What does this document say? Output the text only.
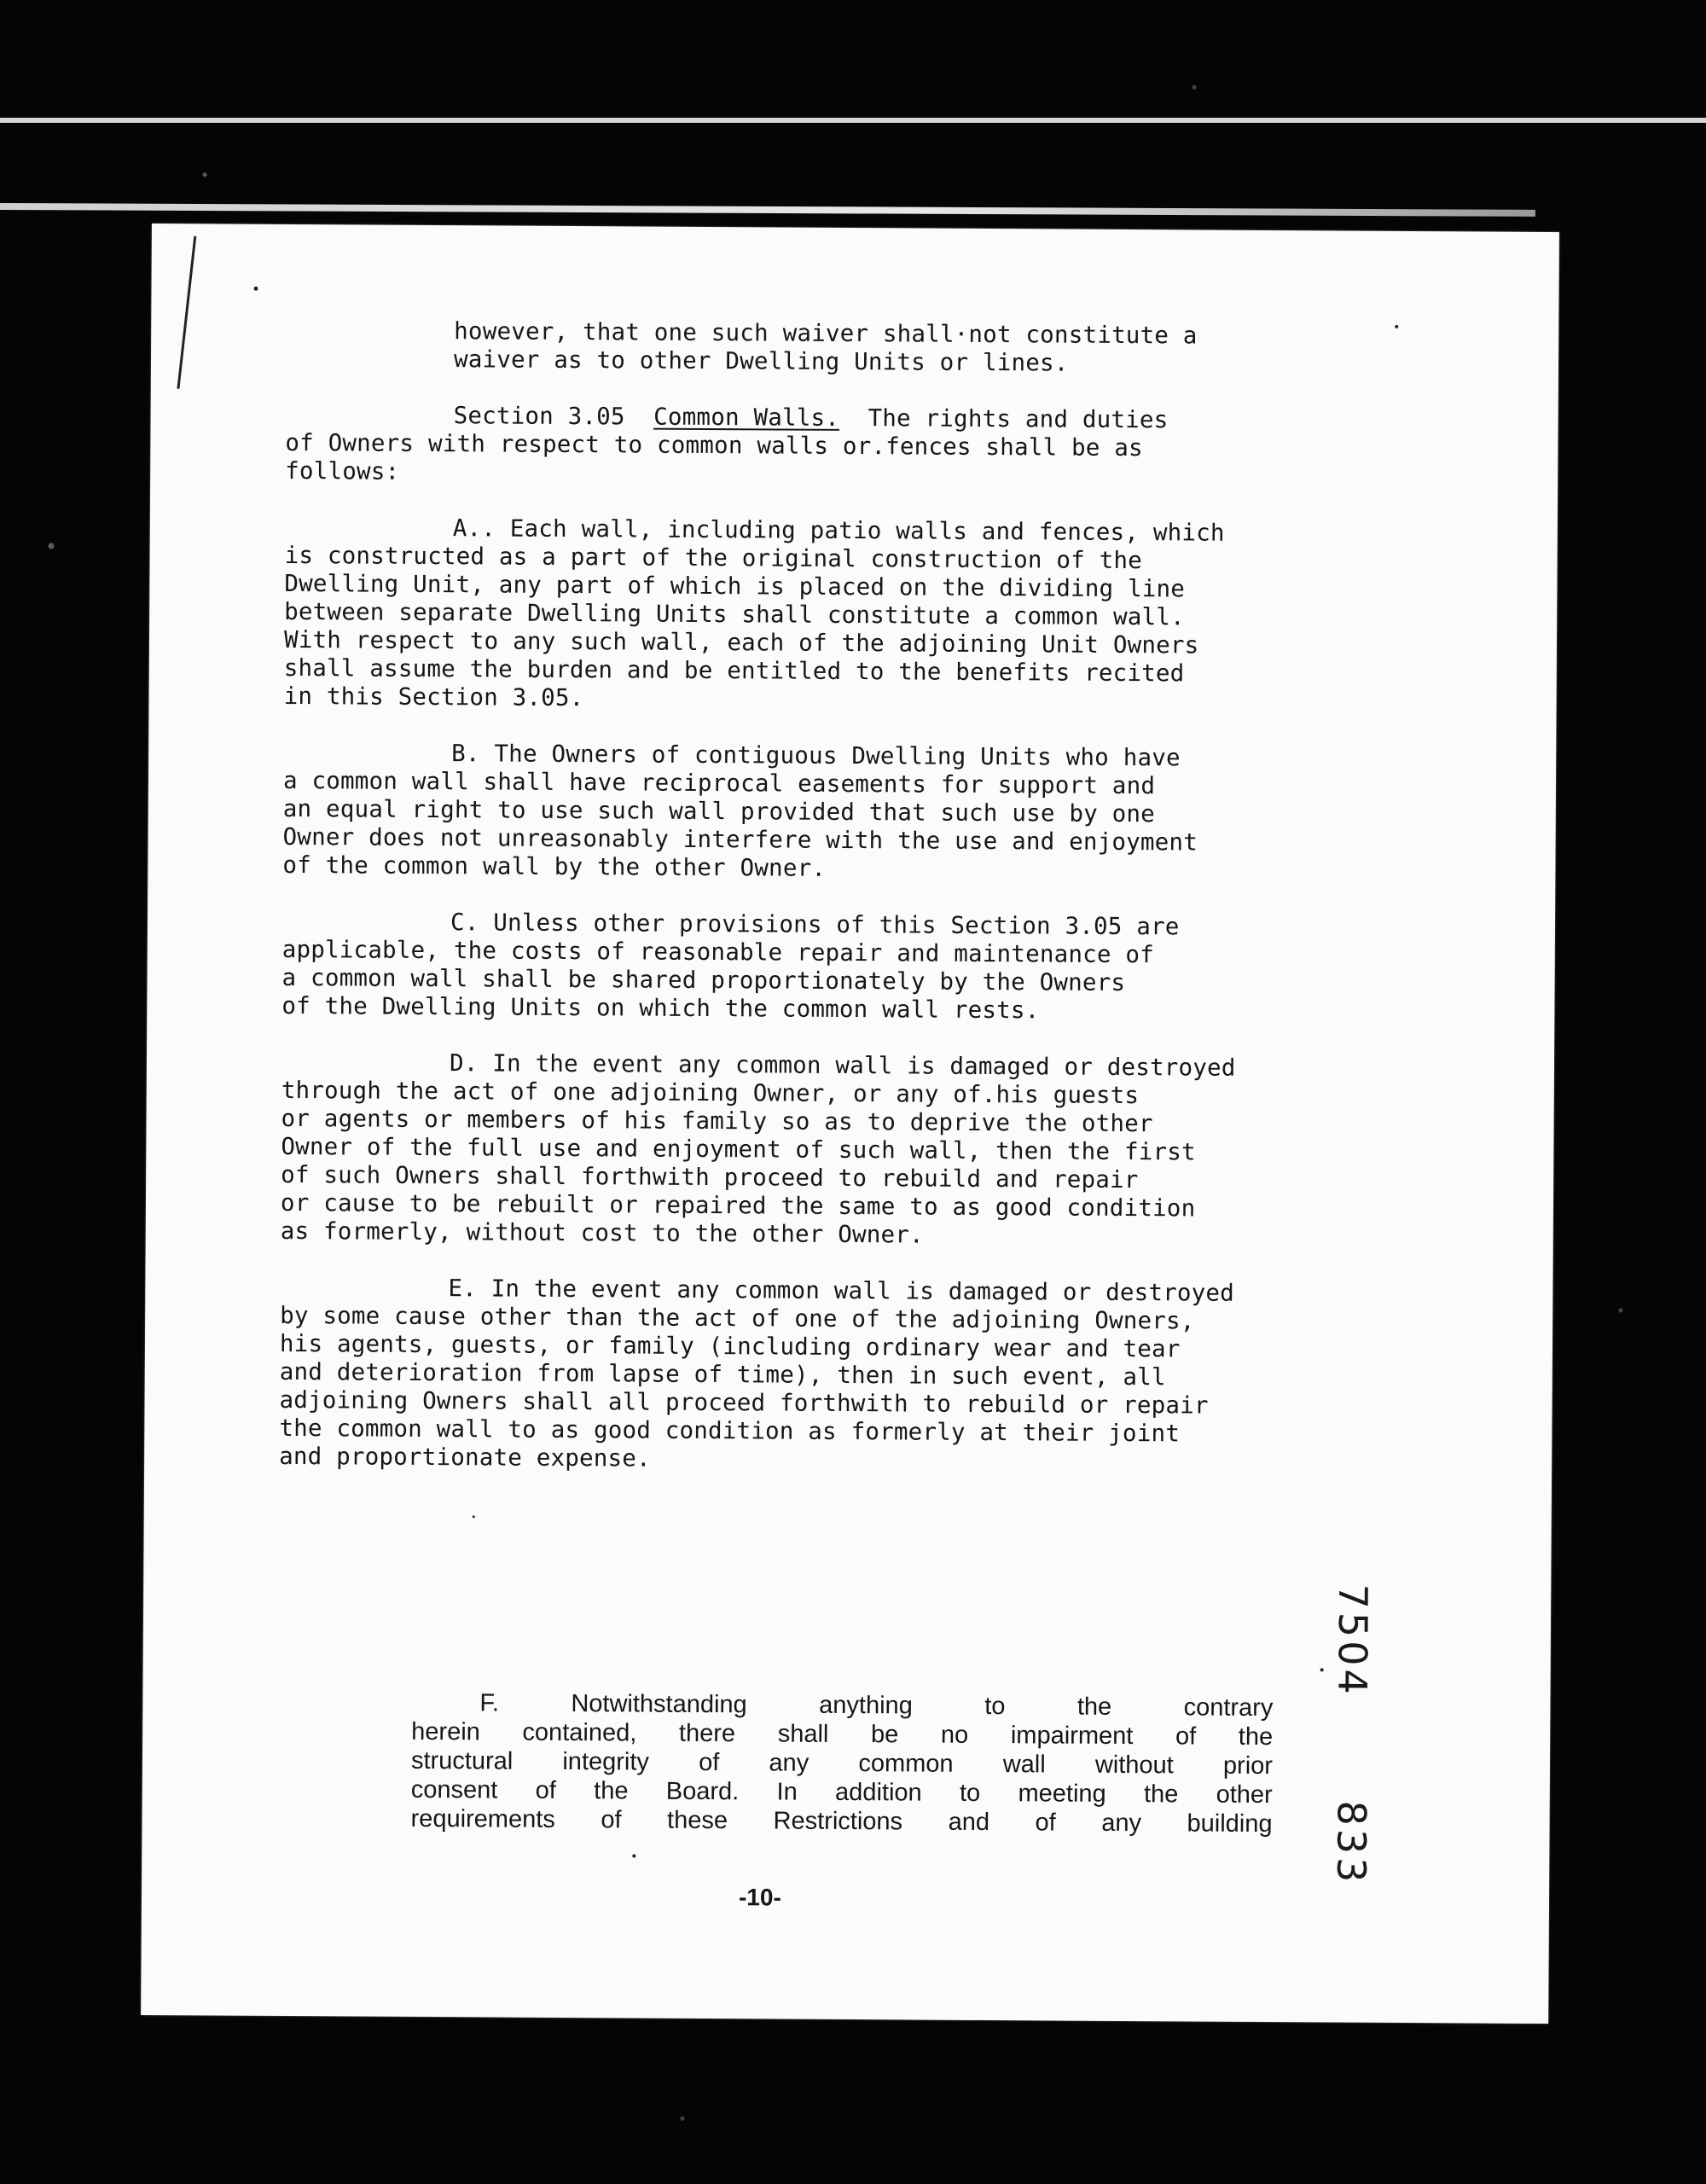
however, that one such waiver shall·not constitute a
waiver as to other Dwelling Units or lines.
Section 3.05 Common Walls. The rights and duties
of Owners with respect to common walls or.fences shall be as
follows:
A.. Each wall, including patio walls and fences, which
is constructed as a part of the original construction of the
Dwelling Unit, any part of which is placed on the dividing line
between separate Dwelling Units shall constitute a common wall.
With respect to any such wall, each of the adjoining Unit Owners
shall assume the burden and be entitled to the benefits recited
in this Section 3.05.
B. The Owners of contiguous Dwelling Units who have
a common wall shall have reciprocal easements for support and
an equal right to use such wall provided that such use by one
Owner does not unreasonably interfere with the use and enjoyment
of the common wall by the other Owner.
C. Unless other provisions of this Section 3.05 are
applicable, the costs of reasonable repair and maintenance of
a common wall shall be shared proportionately by the Owners
of the Dwelling Units on which the common wall rests.
D. In the event any common wall is damaged or destroyed
through the act of one adjoining Owner, or any of.his guests
or agents or members of his family so as to deprive the other
Owner of the full use and enjoyment of such wall, then the first
of such Owners shall forthwith proceed to rebuild and repair
or cause to be rebuilt or repaired the same to as good condition
as formerly, without cost to the other Owner.
E. In the event any common wall is damaged or destroyed
by some cause other than the act of one of the adjoining Owners,
his agents, guests, or family (including ordinary wear and tear
and deterioration from lapse of time), then in such event, all
adjoining Owners shall all proceed forthwith to rebuild or repair
the common wall to as good condition as formerly at their joint
and proportionate expense.
F. Notwithstanding anything to the contrary
herein contained, there shall be no impairment of the
structural integrity of any common wall without prior
consent of the Board. In addition to meeting the other
requirements of these Restrictions and of any building
-10-
7504
833
